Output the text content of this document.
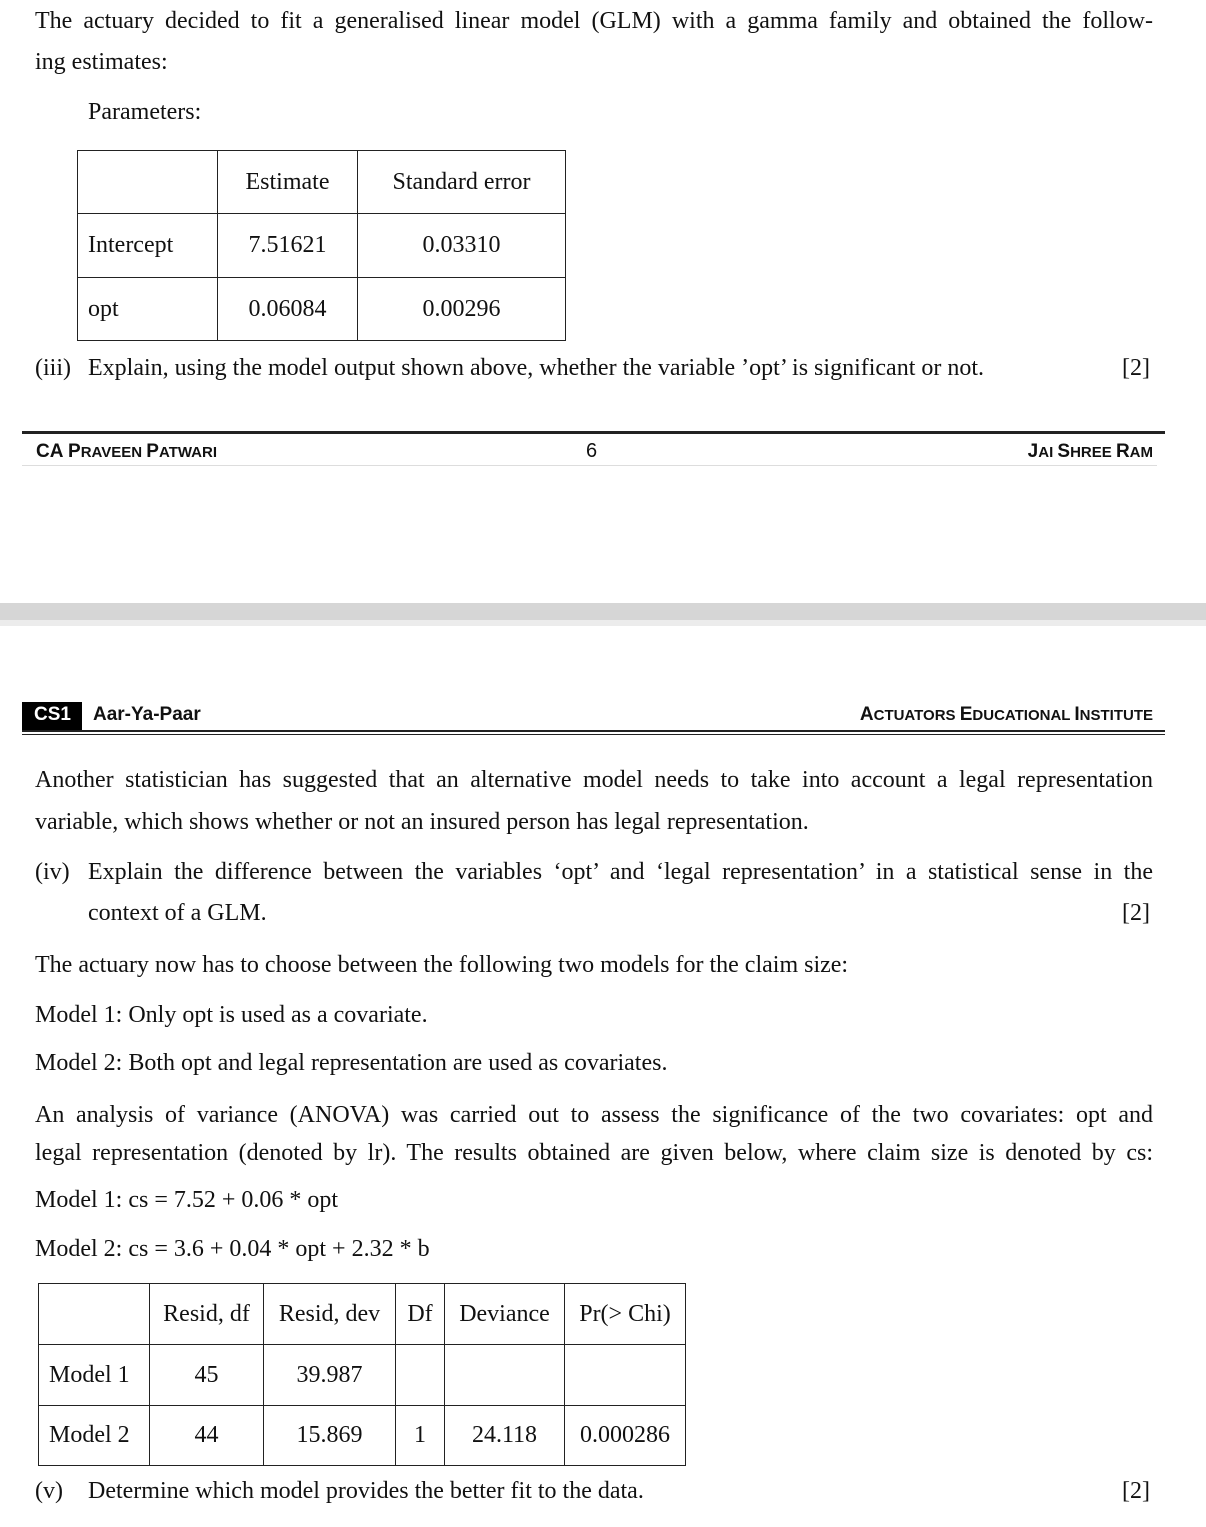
The actuary decided to fit a generalised linear model (GLM) with a gamma family and obtained the follow-
ing estimates:
Parameters:
	Estimate	Standard error
Intercept	7.51621	0.03310
opt	0.06084	0.00296
(iii) Explain, using the model output shown above, whether the variable ’opt’ is significant or not.	[2]
CA PRAVEEN PATWARI	6	JAI SHREE RAM
CS1 Aar-Ya-Paar	ACTUATORS EDUCATIONAL INSTITUTE
Another statistician has suggested that an alternative model needs to take into account a legal representation
variable, which shows whether or not an insured person has legal representation.
(iv) Explain the difference between the variables ‘opt’ and ‘legal representation’ in a statistical sense in the
context of a GLM.	[2]
The actuary now has to choose between the following two models for the claim size:
Model 1: Only opt is used as a covariate.
Model 2: Both opt and legal representation are used as covariates.
An analysis of variance (ANOVA) was carried out to assess the significance of the two covariates: opt and
legal representation (denoted by lr). The results obtained are given below, where claim size is denoted by cs:
Model 1: cs = 7.52 + 0.06 * opt
Model 2: cs = 3.6 + 0.04 * opt + 2.32 * b
	Resid, df	Resid, dev	Df	Deviance	Pr(> Chi)
Model 1	45	39.987			
Model 2	44	15.869	1	24.118	0.000286
(v) Determine which model provides the better fit to the data.	[2]
